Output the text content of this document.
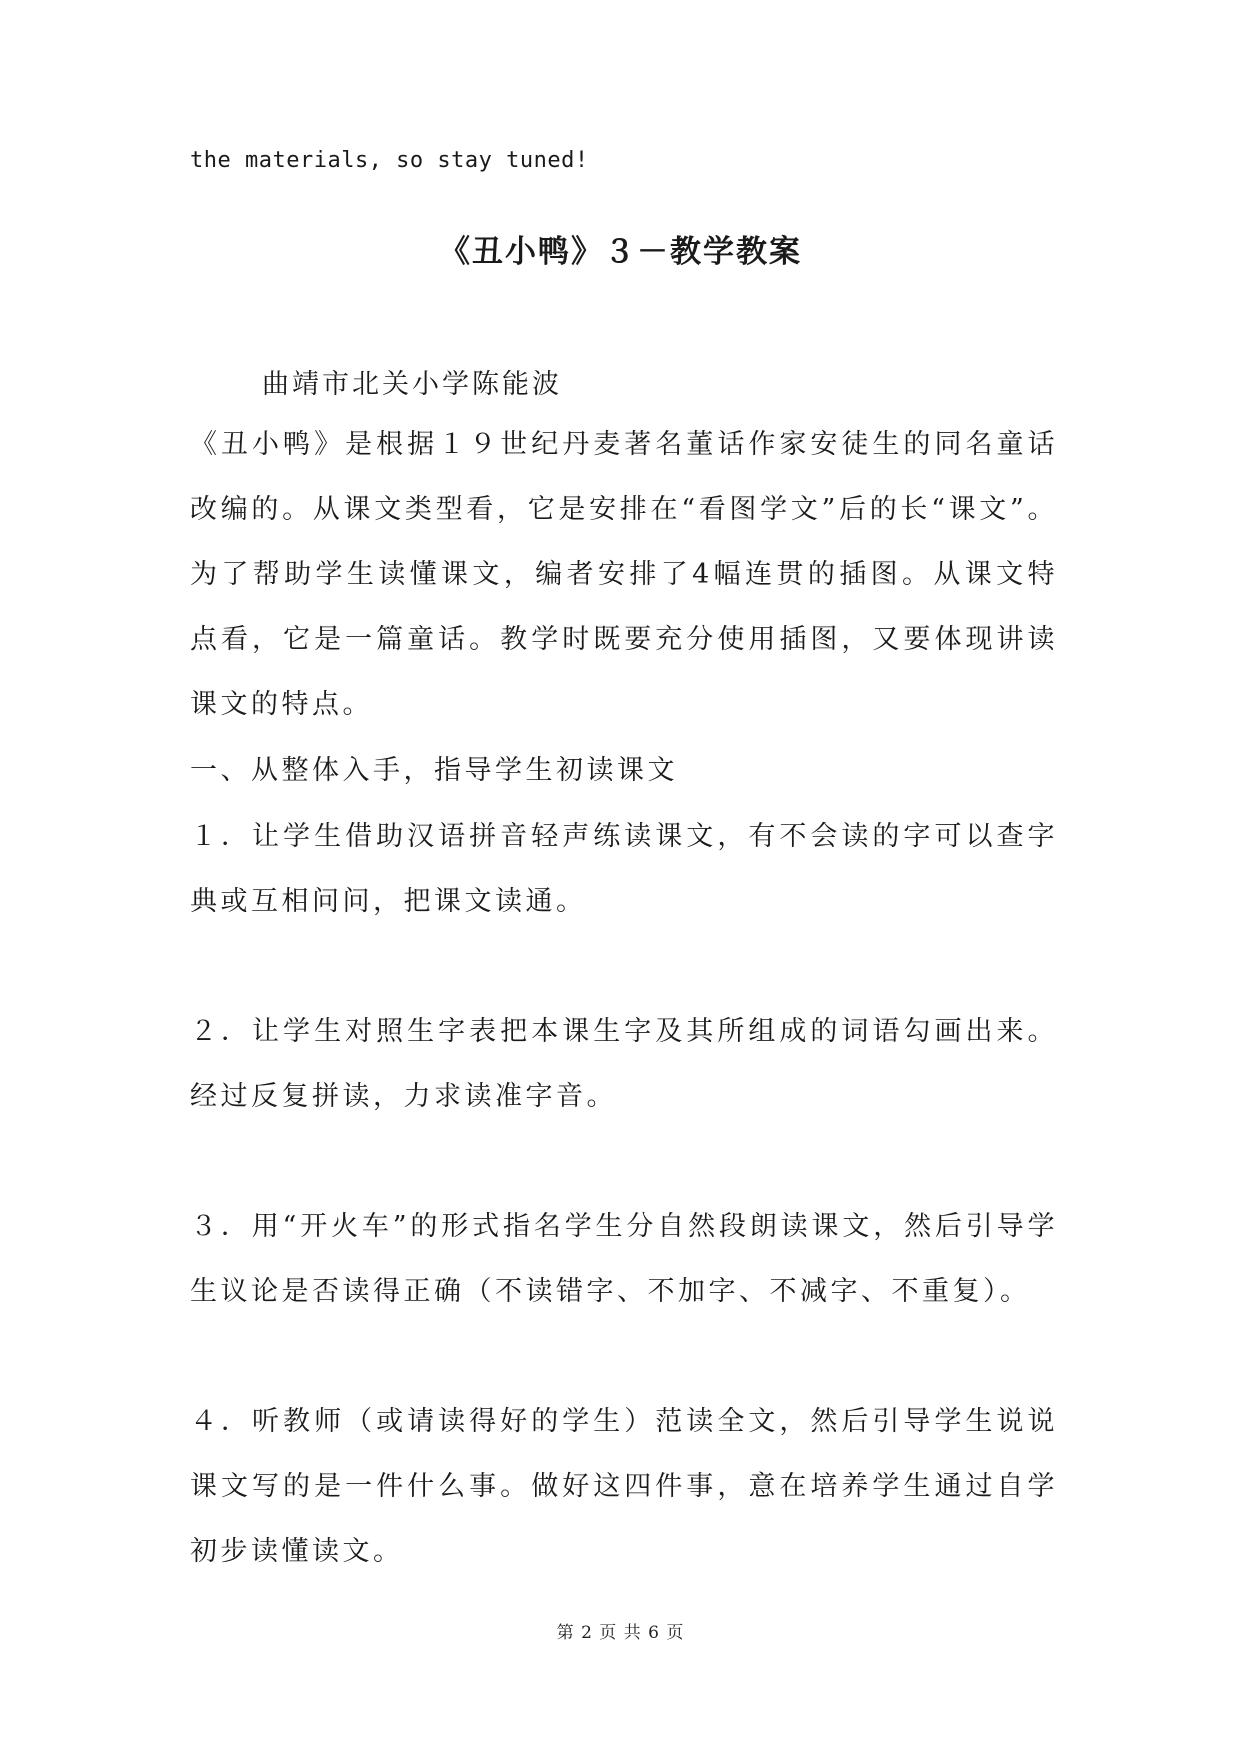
the materials, so stay tuned!
《丑小鸭》３－教学教案
曲靖市北关小学陈能波
《丑小鸭》是根据１９世纪丹麦著名董话作家安徒生的同名童话改编的。从课文类型看，它是安排在“看图学文”后的长“课文”。为了帮助学生读懂课文，编者安排了4幅连贯的插图。从课文特点看，它是一篇童话。教学时既要充分使用插图，又要体现讲读课文的特点。
一、从整体入手，指导学生初读课文
１．让学生借助汉语拼音轻声练读课文，有不会读的字可以查字典或互相问问，把课文读通。
２．让学生对照生字表把本课生字及其所组成的词语勾画出来。经过反复拼读，力求读准字音。
３．用“开火车”的形式指名学生分自然段朗读课文，然后引导学生议论是否读得正确（不读错字、不加字、不减字、不重复）。
４．听教师（或请读得好的学生）范读全文，然后引导学生说说课文写的是一件什么事。做好这四件事，意在培养学生通过自学初步读懂读文。
第 2 页 共 6 页
